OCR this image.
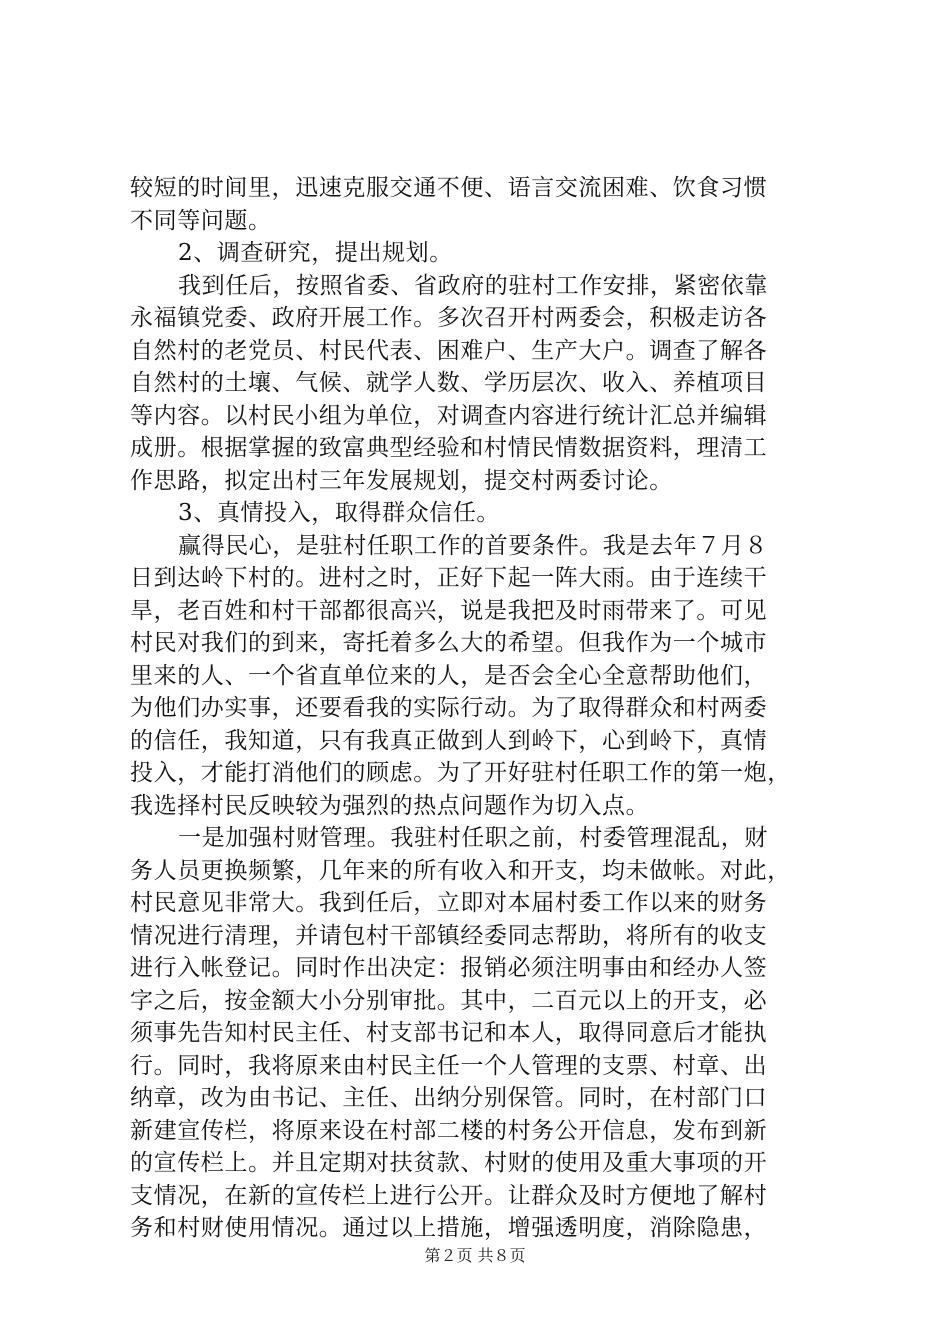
较短的时间里，迅速克服交通不便、语言交流困难、饮食习惯
不同等问题。
2、调查研究，提出规划。
我到任后，按照省委、省政府的驻村工作安排，紧密依靠
永福镇党委、政府开展工作。多次召开村两委会，积极走访各
自然村的老党员、村民代表、困难户、生产大户。调查了解各
自然村的土壤、气候、就学人数、学历层次、收入、养植项目
等内容。以村民小组为单位，对调查内容进行统计汇总并编辑
成册。根据掌握的致富典型经验和村情民情数据资料，理清工
作思路，拟定出村三年发展规划，提交村两委讨论。
3、真情投入，取得群众信任。
赢得民心，是驻村任职工作的首要条件。我是去年７月８
日到达岭下村的。进村之时，正好下起一阵大雨。由于连续干
旱，老百姓和村干部都很高兴，说是我把及时雨带来了。可见
村民对我们的到来，寄托着多么大的希望。但我作为一个城市
里来的人、一个省直单位来的人，是否会全心全意帮助他们，
为他们办实事，还要看我的实际行动。为了取得群众和村两委
的信任，我知道，只有我真正做到人到岭下，心到岭下，真情
投入，才能打消他们的顾虑。为了开好驻村任职工作的第一炮，
我选择村民反映较为强烈的热点问题作为切入点。
一是加强村财管理。我驻村任职之前，村委管理混乱，财
务人员更换频繁，几年来的所有收入和开支，均未做帐。对此，
村民意见非常大。我到任后，立即对本届村委工作以来的财务
情况进行清理，并请包村干部镇经委同志帮助，将所有的收支
进行入帐登记。同时作出决定：报销必须注明事由和经办人签
字之后，按金额大小分别审批。其中，二百元以上的开支，必
须事先告知村民主任、村支部书记和本人，取得同意后才能执
行。同时，我将原来由村民主任一个人管理的支票、村章、出
纳章，改为由书记、主任、出纳分别保管。同时，在村部门口
新建宣传栏，将原来设在村部二楼的村务公开信息，发布到新
的宣传栏上。并且定期对扶贫款、村财的使用及重大事项的开
支情况，在新的宣传栏上进行公开。让群众及时方便地了解村
务和村财使用情况。通过以上措施，增强透明度，消除隐患，
第２页 共８页
